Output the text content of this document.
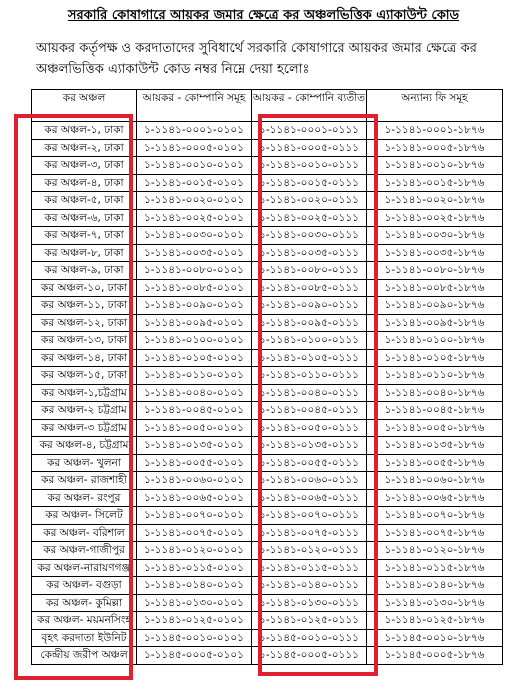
সরকারি কোষাগারে আয়কর জমার ক্ষেত্রে কর অঞ্চলভিত্তিক এ্যাকাউন্ট কোড
আয়কর কর্তৃপক্ষ ও করদাতাদের সুবিধার্থে সরকারি কোষাগারে আয়কর জমার ক্ষেত্রে কর অঞ্চলভিত্তিক এ্যাকাউন্ট কোড নম্বর নিম্নে দেয়া হলোঃ
কর অঞ্চল	আয়কর - কোম্পানি সমূহ	আয়কর - কোম্পানি ব্যতীত	অন্যান্য ফি সমূহ
কর অঞ্চল-১, ঢাকা	১-১১৪১-০০০১-০১০১	১-১১৪১-০০০১-০১১১	১-১১৪১-০০০১-১৮৭৬
কর অঞ্চল-২, ঢাকা	১-১১৪১-০০০৫-০১০১	১-১১৪১-০০০৫-০১১১	১-১১৪১-০০০৫-১৮৭৬
কর অঞ্চল-৩, ঢাকা	১-১১৪১-০০১০-০১০১	১-১১৪১-০০১০-০১১১	১-১১৪১-০০১০-১৮৭৬
কর অঞ্চল-৪, ঢাকা	১-১১৪১-০০১৫-০১০১	১-১১৪১-০০১৫-০১১১	১-১১৪১-০০১৫-১৮৭৬
কর অঞ্চল-৫, ঢাকা	১-১১৪১-০০২০-০১০১	১-১১৪১-০০২০-০১১১	১-১১৪১-০০২০-১৮৭৬
কর অঞ্চল-৬, ঢাকা	১-১১৪১-০০২৫-০১০১	১-১১৪১-০০২৫-০১১১	১-১১৪১-০০২৫-১৮৭৬
কর অঞ্চল-৭, ঢাকা	১-১১৪১-০০৩০-০১০১	১-১১৪১-০০৩০-০১১১	১-১১৪১-০০৩০-১৮৭৬
কর অঞ্চল-৮, ঢাকা	১-১১৪১-০০৩৫-০১০১	১-১১৪১-০০৩৫-০১১১	১-১১৪১-০০৩৫-১৮৭৬
কর অঞ্চল-৯, ঢাকা	১-১১৪১-০০৮০-০১০১	১-১১৪১-০০৮০-০১১১	১-১১৪১-০০৮০-১৮৭৬
কর অঞ্চল-১০, ঢাকা	১-১১৪১-০০৮৫-০১০১	১-১১৪১-০০৮৫-০১১১	১-১১৪১-০০৮৫-১৮৭৬
কর অঞ্চল-১১, ঢাকা	১-১১৪১-০০৯০-০১০১	১-১১৪১-০০৯০-০১১১	১-১১৪১-০০৯০-১৮৭৬
কর অঞ্চল-১২, ঢাকা	১-১১৪১-০০৯৫-০১০১	১-১১৪১-০০৯৫-০১১১	১-১১৪১-০০৯৫-১৮৭৬
কর অঞ্চল-১৩, ঢাকা	১-১১৪১-০১০০-০১০১	১-১১৪১-০১০০-০১১১	১-১১৪১-০১০০-১৮৭৬
কর অঞ্চল-১৪, ঢাকা	১-১১৪১-০১০৫-০১০১	১-১১৪১-০১০৫-০১১১	১-১১৪১-০১০৫-১৮৭৬
কর অঞ্চল-১৫, ঢাকা	১-১১৪১-০১১০-০১০১	১-১১৪১-০১১০-০১১১	১-১১৪১-০১১০-১৮৭৬
কর অঞ্চল-১,চট্টগ্রাম	১-১১৪১-০০৪০-০১০১	১-১১৪১-০০৪০-০১১১	১-১১৪১-০০৪০-১৮৭৬
কর অঞ্চল-২ চট্টগ্রাম	১-১১৪১-০০৪৫-০১০১	১-১১৪১-০০৪৫-০১১১	১-১১৪১-০০৪৫-১৮৭৬
কর অঞ্চল-৩ চট্টগ্রাম	১-১১৪১-০০৫০-০১০১	১-১১৪১-০০৫০-০১১১	১-১১৪১-০০৫০-১৮৭৬
কর অঞ্চল-৪, চট্টগ্রাম	১-১১৪১-০১৩৫-০১০১	১-১১৪১-০১৩৫-০১১১	১-১১৪১-০১৩৫-১৮৭৬
কর অঞ্চল- খুলনা	১-১১৪১-০০৫৫-০১০১	১-১১৪১-০০৫৫-০১১১	১-১১৪১-০০৫৫-১৮৭৬
কর অঞ্চল- রাজশাহী	১-১১৪১-০০৬০-০১০১	১-১১৪১-০০৬০-০১১১	১-১১৪১-০০৬০-১৮৭৬
কর অঞ্চল- রংপুর	১-১১৪১-০০৬৫-০১০১	১-১১৪১-০০৬৫-০১১১	১-১১৪১-০০৬৫-১৮৭৬
কর অঞ্চল- সিলেট	১-১১৪১-০০৭০-০১০১	১-১১৪১-০০৭০-০১১১	১-১১৪১-০০৭০-১৮৭৬
কর অঞ্চল- বরিশাল	১-১১৪১-০০৭৫-০১০১	১-১১৪১-০০৭৫-০১১১	১-১১৪১-০০৭৫-১৮৭৬
কর অঞ্চল-গাজীপুর	১-১১৪১-০১২০-০১০১	১-১১৪১-০১২০-০১১১	১-১১৪১-০১২০-১৮৭৬
কর অঞ্চল-নারায়ণগঞ্জ	১-১১৪১-০১১৫-০১০১	১-১১৪১-০১১৫-০১১১	১-১১৪১-০১১৫-১৮৭৬
কর অঞ্চল- বগুড়া	১-১১৪১-০১৪০-০১০১	১-১১৪১-০১৪০-০১১১	১-১১৪১-০১৪০-১৮৭৬
কর অঞ্চল- কুমিল্লা	১-১১৪১-০১৩০-০১০১	১-১১৪১-০১৩০-০১১১	১-১১৪১-০১৩০-১৮৭৬
কর অঞ্চল- ময়মনসিংহ	১-১১৪১-০১২৫-০১০১	১-১১৪১-০১২৫-০১১১	১-১১৪১-০১২৫-১৮৭৬
বৃহৎ করদাতা ইউনিট	১-১১৪৫-০০১০-০১০১	১-১১৪৫-০০১০-০১১১	১-১১৪৫-০০১০-১৮৭৬
কেন্দ্রীয় জরীপ অঞ্চল	১-১১৪৫-০০০৫-০১০১	১-১১৪৫-০০০৫-০১১১	১-১১৪৫-০০০৫-১৮৭৬
